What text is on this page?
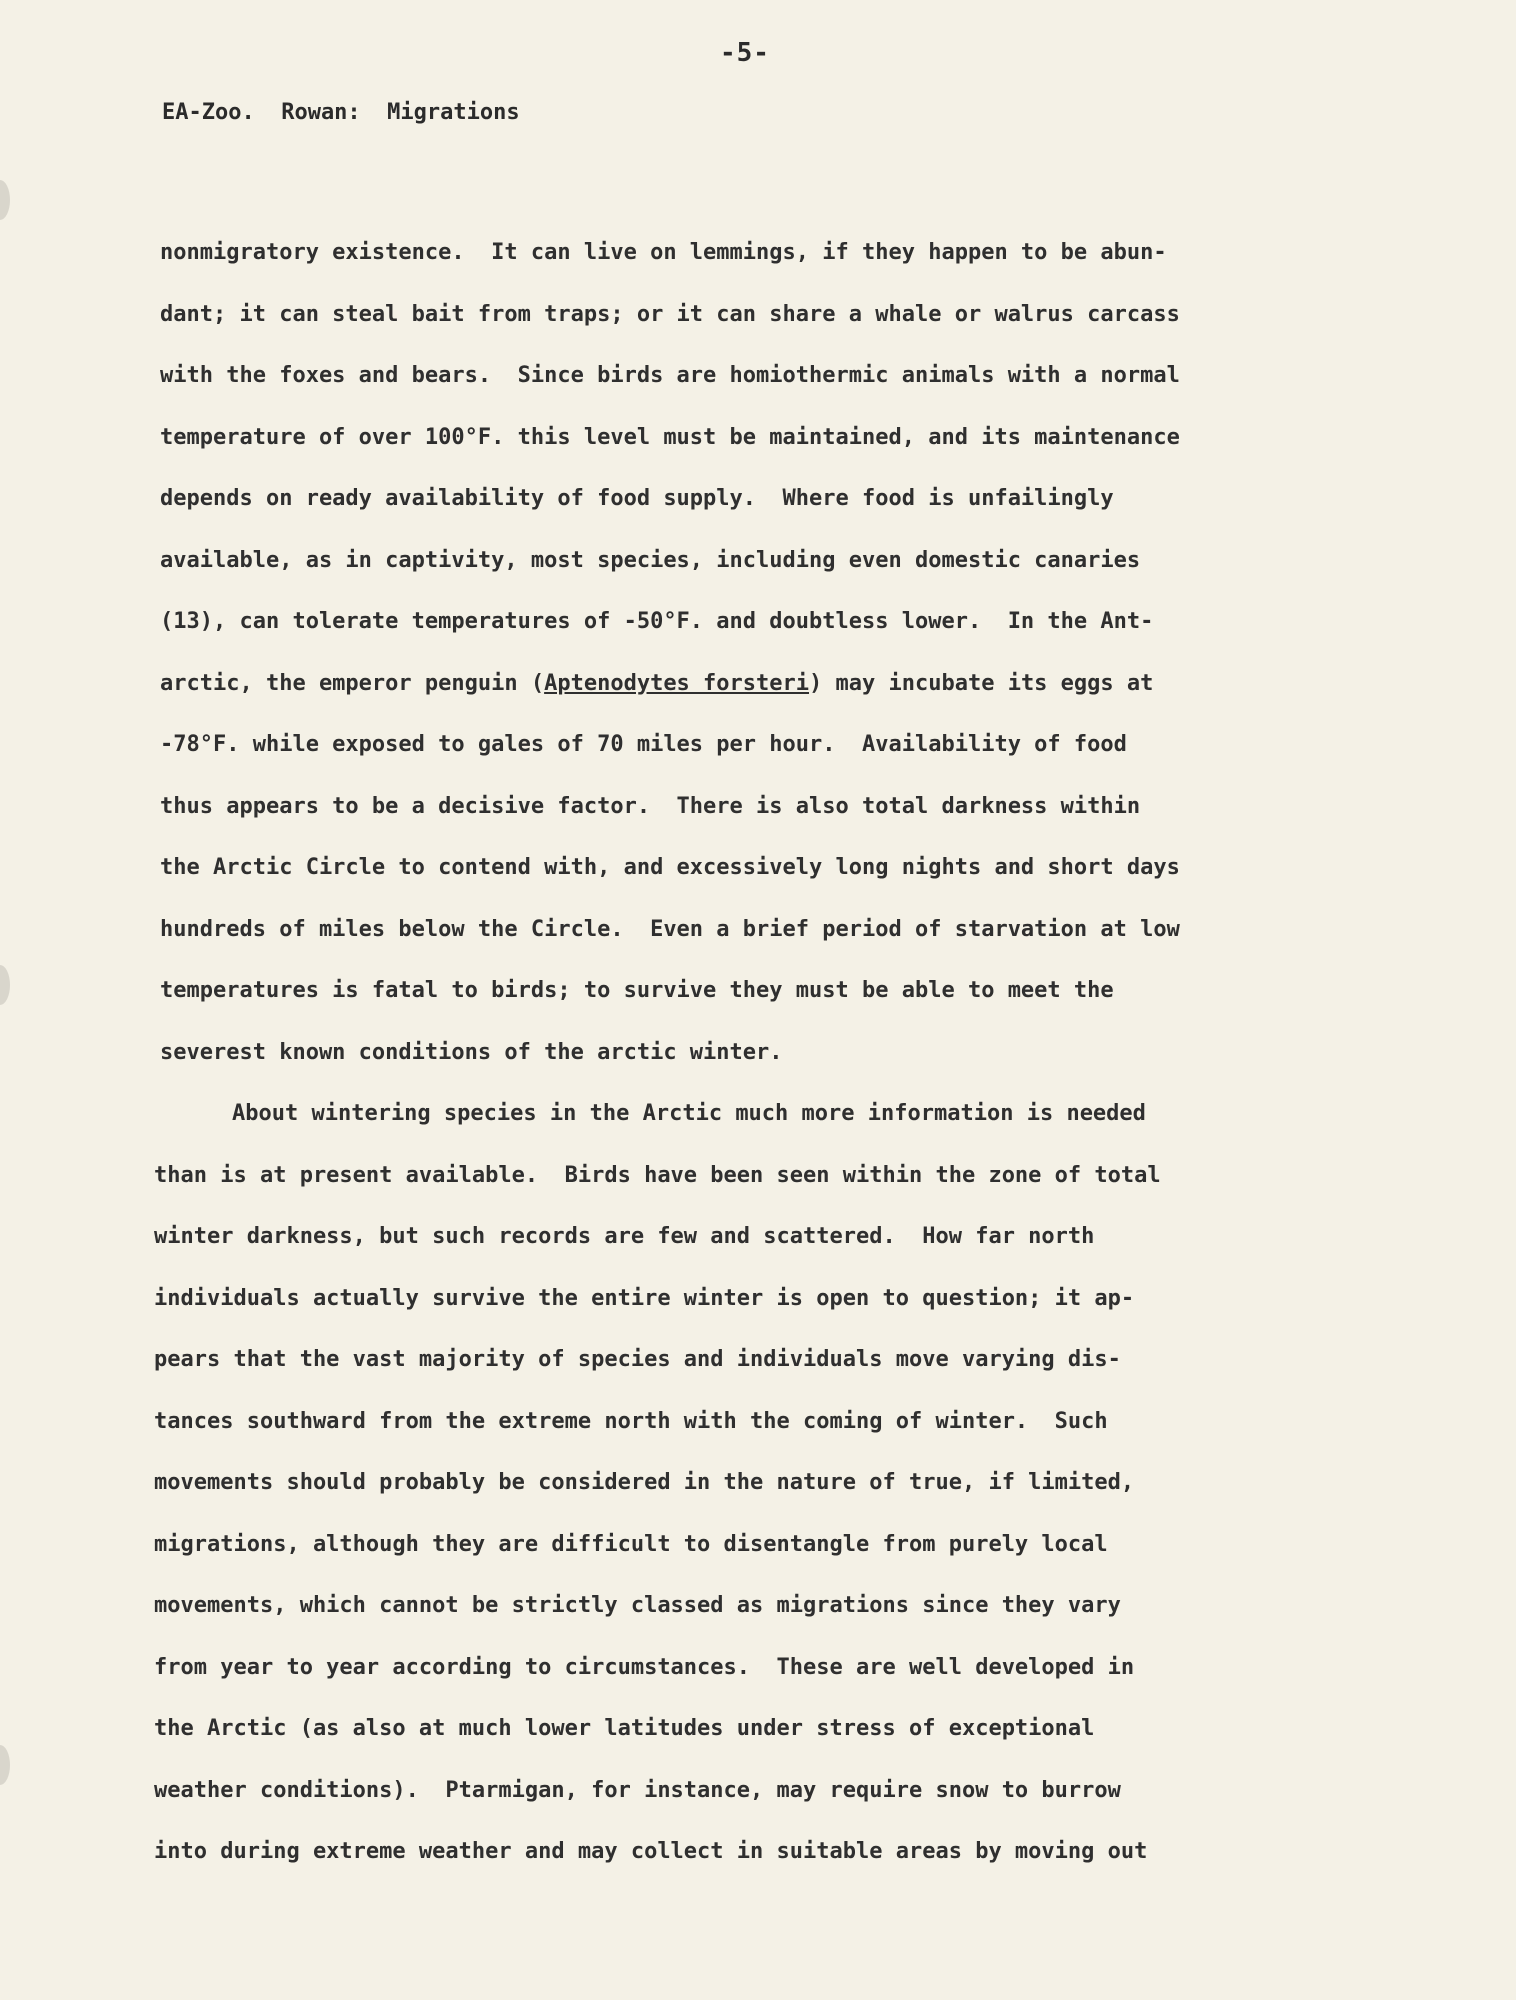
-5-

EA-Zoo.  Rowan:  Migrations

nonmigratory existence.  It can live on lemmings, if they happen to be abun-
dant; it can steal bait from traps; or it can share a whale or walrus carcass
with the foxes and bears.  Since birds are homiothermic animals with a normal
temperature of over 100°F. this level must be maintained, and its maintenance
depends on ready availability of food supply.  Where food is unfailingly
available, as in captivity, most species, including even domestic canaries
(13), can tolerate temperatures of -50°F. and doubtless lower.  In the Ant-
arctic, the emperor penguin (Aptenodytes forsteri) may incubate its eggs at
-78°F. while exposed to gales of 70 miles per hour.  Availability of food
thus appears to be a decisive factor.  There is also total darkness within
the Arctic Circle to contend with, and excessively long nights and short days
hundreds of miles below the Circle.  Even a brief period of starvation at low
temperatures is fatal to birds; to survive they must be able to meet the
severest known conditions of the arctic winter.
About wintering species in the Arctic much more information is needed
than is at present available.  Birds have been seen within the zone of total
winter darkness, but such records are few and scattered.  How far north
individuals actually survive the entire winter is open to question; it ap-
pears that the vast majority of species and individuals move varying dis-
tances southward from the extreme north with the coming of winter.  Such
movements should probably be considered in the nature of true, if limited,
migrations, although they are difficult to disentangle from purely local
movements, which cannot be strictly classed as migrations since they vary
from year to year according to circumstances.  These are well developed in
the Arctic (as also at much lower latitudes under stress of exceptional
weather conditions).  Ptarmigan, for instance, may require snow to burrow
into during extreme weather and may collect in suitable areas by moving out
